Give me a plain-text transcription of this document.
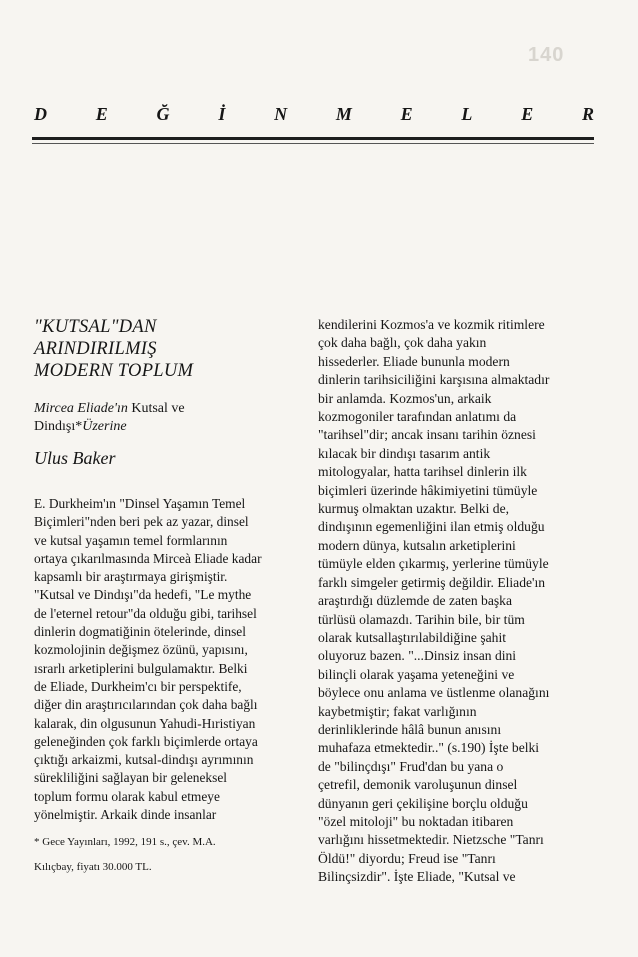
140
D	E	Ğ	İ	N	M	E	L	E	R
"KUTSAL"DAN
ARINDIRILMIŞ
MODERN TOPLUM
Mircea Eliade'ın Kutsal ve
Dindışı*Üzerine
Ulus Baker

E. Durkheim'ın "Dinsel Yaşamın Temel

Biçimleri"nden beri pek az yazar, dinsel

ve kutsal yaşamın temel formlarının

ortaya çıkarılmasında Mirceà Eliade kadar

kapsamlı bir araştırmaya girişmiştir.

"Kutsal ve Dindışı"da hedefi, "Le mythe

de l'eternel retour"da olduğu gibi, tarihsel

dinlerin dogmatiğinin ötelerinde, dinsel

kozmolojinin değişmez özünü, yapısını,

ısrarlı arketiplerini bulgulamaktır. Belki

de Eliade, Durkheim'cı bir perspektife,

diğer din araştırıcılarından çok daha bağlı

kalarak, din olgusunun Yahudi-Hıristiyan

geleneğinden çok farklı biçimlerde ortaya

çıktığı arkaizmi, kutsal-dindışı ayrımının

sürekliliğini sağlayan bir geleneksel

toplum formu olarak kabul etmeye

yönelmiştir. Arkaik dinde insanlar

* Gece Yayınları, 1992, 191 s., çev. M.A.

Kılıçbay, fiyatı 30.000 TL.

kendilerini Kozmos'a ve kozmik ritimlere

çok daha bağlı, çok daha yakın

hissederler. Eliade bununla modern

dinlerin tarihsiciliğini karşısına almaktadır

bir anlamda. Kozmos'un, arkaik

kozmogoniler tarafından anlatımı da

"tarihsel"dir; ancak insanı tarihin öznesi

kılacak bir dindışı tasarım antik

mitologyalar, hatta tarihsel dinlerin ilk

biçimleri üzerinde hâkimiyetini tümüyle

kurmuş olmaktan uzaktır. Belki de,

dindışının egemenliğini ilan etmiş olduğu

modern dünya, kutsalın arketiplerini

tümüyle elden çıkarmış, yerlerine tümüyle

farklı simgeler getirmiş değildir. Eliade'ın

araştırdığı düzlemde de zaten başka

türlüsü olamazdı. Tarihin bile, bir tüm

olarak kutsallaştırılabildiğine şahit

oluyoruz bazen. "...Dinsiz insan dini

bilinçli olarak yaşama yeteneğini ve

böylece onu anlama ve üstlenme olanağını

kaybetmiştir; fakat varlığının

derinliklerinde hâlâ bunun anısını

muhafaza etmektedir.." (s.190) İşte belki

de "bilinçdışı" Frud'dan bu yana o

çetrefil, demonik varoluşunun dinsel

dünyanın geri çekilişine borçlu olduğu

"özel mitoloji" bu noktadan itibaren

varlığını hissetmektedir. Nietzsche "Tanrı

Öldü!" diyordu; Freud ise "Tanrı

Bilinçsizdir". İşte Eliade, "Kutsal ve
